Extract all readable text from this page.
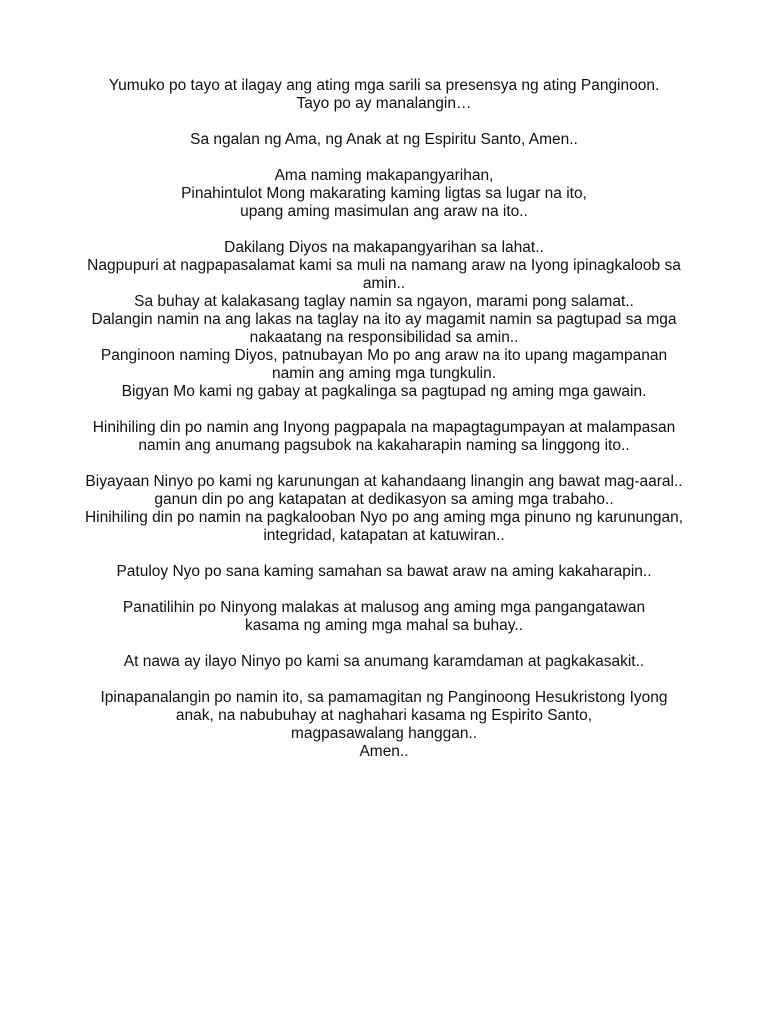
Yumuko po tayo at ilagay ang ating mga sarili sa presensya ng ating Panginoon.
Tayo po ay manalangin…
Sa ngalan ng Ama, ng Anak at ng Espiritu Santo, Amen..
Ama naming makapangyarihan,
Pinahintulot Mong makarating kaming ligtas sa lugar na ito,
upang aming masimulan ang araw na ito..
Dakilang Diyos na makapangyarihan sa lahat..
Nagpupuri at nagpapasalamat kami sa muli na namang araw na Iyong ipinagkaloob sa amin..
Sa buhay at kalakasang taglay namin sa ngayon, marami pong salamat..
Dalangin namin na ang lakas na taglay na ito ay magamit namin sa pagtupad sa mga nakaatang na responsibilidad sa amin..
Panginoon naming Diyos, patnubayan Mo po ang araw na ito upang magampanan namin ang aming mga tungkulin.
Bigyan Mo kami ng gabay at pagkalinga sa pagtupad ng aming mga gawain.
Hinihiling din po namin ang Inyong pagpapala na mapagtagumpayan at malampasan namin ang anumang pagsubok na kakaharapin naming sa linggong ito..
Biyayaan Ninyo po kami ng karunungan at kahandaang linangin ang bawat mag-aaral..
ganun din po ang katapatan at dedikasyon sa aming mga trabaho..
Hinihiling din po namin na pagkalooban Nyo po ang aming mga pinuno ng karunungan, integridad, katapatan at katuwiran..
Patuloy Nyo po sana kaming samahan sa bawat araw na aming kakaharapin..
Panatilihin po Ninyong malakas at malusog ang aming mga pangangatawan
kasama ng aming mga mahal sa buhay..
At nawa ay ilayo Ninyo po kami sa anumang karamdaman at pagkakasakit..
Ipinapanalangin po namin ito, sa pamamagitan ng Panginoong Hesukristong Iyong anak, na nabubuhay at naghahari kasama ng Espirito Santo,
magpasawalang hanggan..
Amen..
